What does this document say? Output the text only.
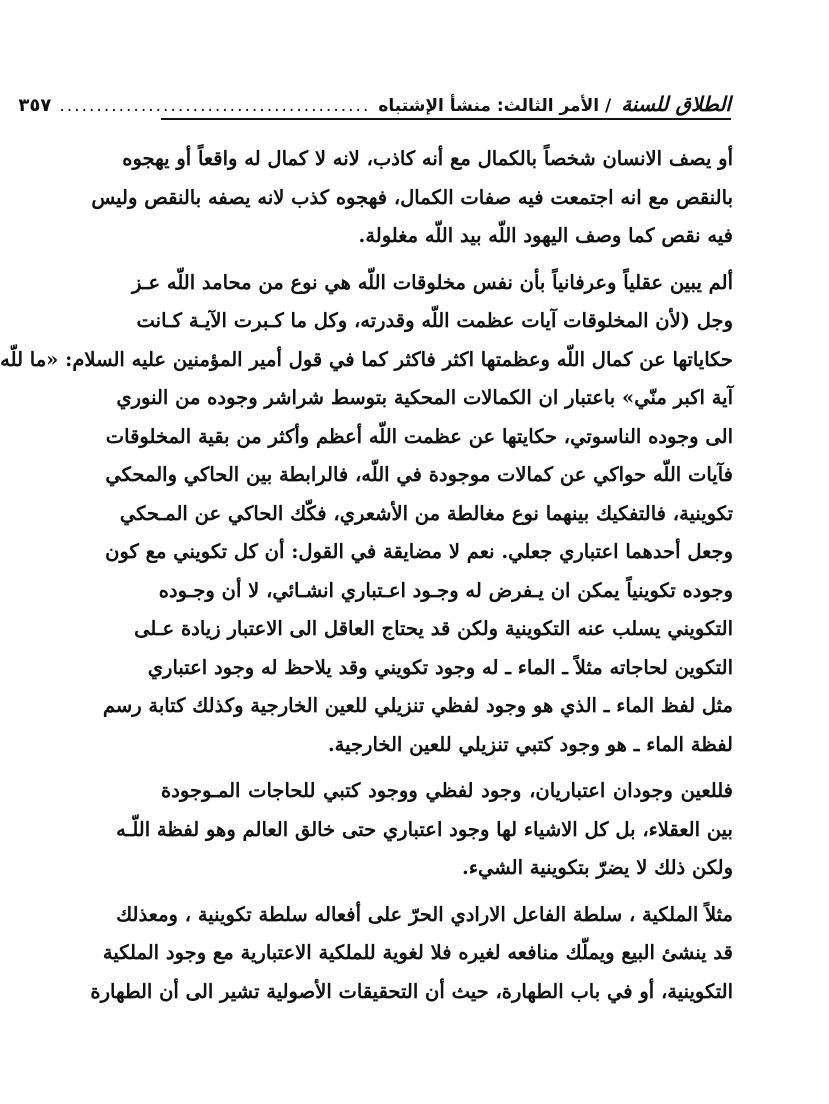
الطلاق للسنة
/ الأمر الثالث: منشأ الإشتباه
..........................................
٣٥٧
أو يصف الانسان شخصاً بالكمال مع أنه كاذب، لانه لا كمال له واقعاً أو يهجوه
بالنقص مع انه اجتمعت فيه صفات الكمال، فهجوه كذب لانه يصفه بالنقص وليس
فيه نقص كما وصف اليهود اللّه بيد اللّه مغلولة.
ألم يبين عقلياً وعرفانياً بأن نفس مخلوقات اللّه هي نوع من محامد اللّه عـز
وجل (لأن المخلوقات آيات عظمت اللّه وقدرته، وكل ما كـبرت الآيـة كـانت
حكاياتها عن كمال اللّه وعظمتها اكثر فاكثر كما في قول أمير المؤمنين عليه السلام: «ما للّه
آية اكبر منّي» باعتبار ان الكمالات المحكية بتوسط شراشر وجوده من النوري
الى وجوده الناسوتي، حكايتها عن عظمت اللّه أعظم وأكثر من بقية المخلوقات
فآيات اللّه حواكي عن كمالات موجودة في اللّه، فالرابطة بين الحاكي والمحكي
تكوينية، فالتفكيك بينهما نوع مغالطة من الأشعري، فكّك الحاكي عن المـحكي
وجعل أحدهما اعتباري جعلي. نعم لا مضايقة في القول: أن كل تكويني مع كون
وجوده تكوينياً يمكن ان يـفرض له وجـود اعـتباري انشـائي، لا أن وجـوده
التكويني يسلب عنه التكوينية ولكن قد يحتاج العاقل الى الاعتبار زيادة عـلى
التكوين لحاجاته مثلاً ـ الماء ـ له وجود تكويني وقد يلاحظ له وجود اعتباري
مثل لفظ الماء ـ الذي هو وجود لفظي تنزيلي للعين الخارجية وكذلك كتابة رسم
لفظة الماء ـ هو وجود كتبي تنزيلي للعين الخارجية.
فللعين وجودان اعتباريان، وجود لفظي ووجود كتبي للحاجات المـوجودة
بين العقلاء، بل كل الاشياء لها وجود اعتباري حتى خالق العالم وهو لفظة اللّـه
ولكن ذلك لا يضرّ بتكوينية الشيء.
مثلاً الملكية ، سلطة الفاعل الارادي الحرّ على أفعاله سلطة تكوينية ، ومعذلك
قد ينشئ البيع ويملّك منافعه لغيره فلا لغوية للملكية الاعتبارية مع وجود الملكية
التكوينية، أو في باب الطهارة، حيث أن التحقيقات الأصولية تشير الى أن الطهارة
